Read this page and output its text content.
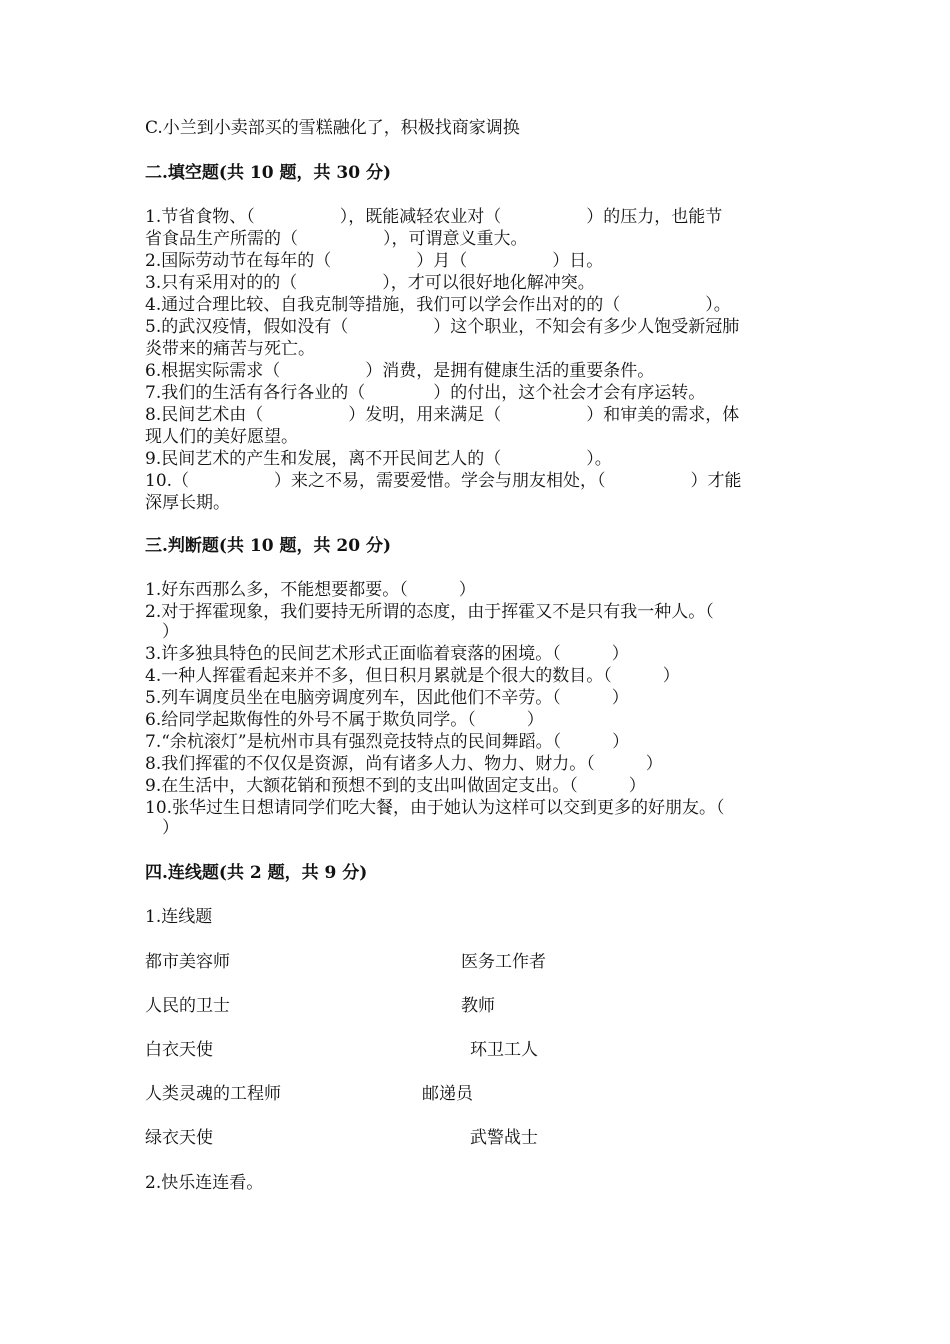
C.小兰到小卖部买的雪糕融化了，积极找商家调换
二.填空题(共 10 题，共 30 分)
1.节省食物、（　　　　　），既能减轻农业对（　　　　　）的压力，也能节
省食品生产所需的（　　　　　），可谓意义重大。
2.国际劳动节在每年的（　　　　　）月（　　　　　）日。
3.只有采用对的的（　　　　　），才可以很好地化解冲突。
4.通过合理比较、自我克制等措施，我们可以学会作出对的的（　　　　　）。
5.的武汉疫情，假如没有（　　　　　）这个职业，不知会有多少人饱受新冠肺
炎带来的痛苦与死亡。
6.根据实际需求（　　　　　）消费，是拥有健康生活的重要条件。
7.我们的生活有各行各业的（　　　　）的付出，这个社会才会有序运转。
8.民间艺术由（　　　　　）发明，用来满足（　　　　　）和审美的需求，体
现人们的美好愿望。
9.民间艺术的产生和发展，离不开民间艺人的（　　　　　）。
10.（　　　　　）来之不易，需要爱惜。学会与朋友相处，（　　　　　）才能
深厚长期。
三.判断题(共 10 题，共 20 分)
1.好东西那么多，不能想要都要。（　　　）
2.对于挥霍现象，我们要持无所谓的态度，由于挥霍又不是只有我一种人。（
　）
3.许多独具特色的民间艺术形式正面临着衰落的困境。（　　　）
4.一种人挥霍看起来并不多，但日积月累就是个很大的数目。（　　　）
5.列车调度员坐在电脑旁调度列车，因此他们不辛劳。（　　　）
6.给同学起欺侮性的外号不属于欺负同学。（　　　）
7.“余杭滚灯”是杭州市具有强烈竞技特点的民间舞蹈。（　　　）
8.我们挥霍的不仅仅是资源，尚有诸多人力、物力、财力。（　　　）
9.在生活中，大额花销和预想不到的支出叫做固定支出。（　　　）
10.张华过生日想请同学们吃大餐，由于她认为这样可以交到更多的好朋友。（
　）
四.连线题(共 2 题，共 9 分)
1.连线题
都市美容师	医务工作者
人民的卫士	教师
白衣天使	环卫工人
人类灵魂的工程师	邮递员
绿衣天使	武警战士
2.快乐连连看。
